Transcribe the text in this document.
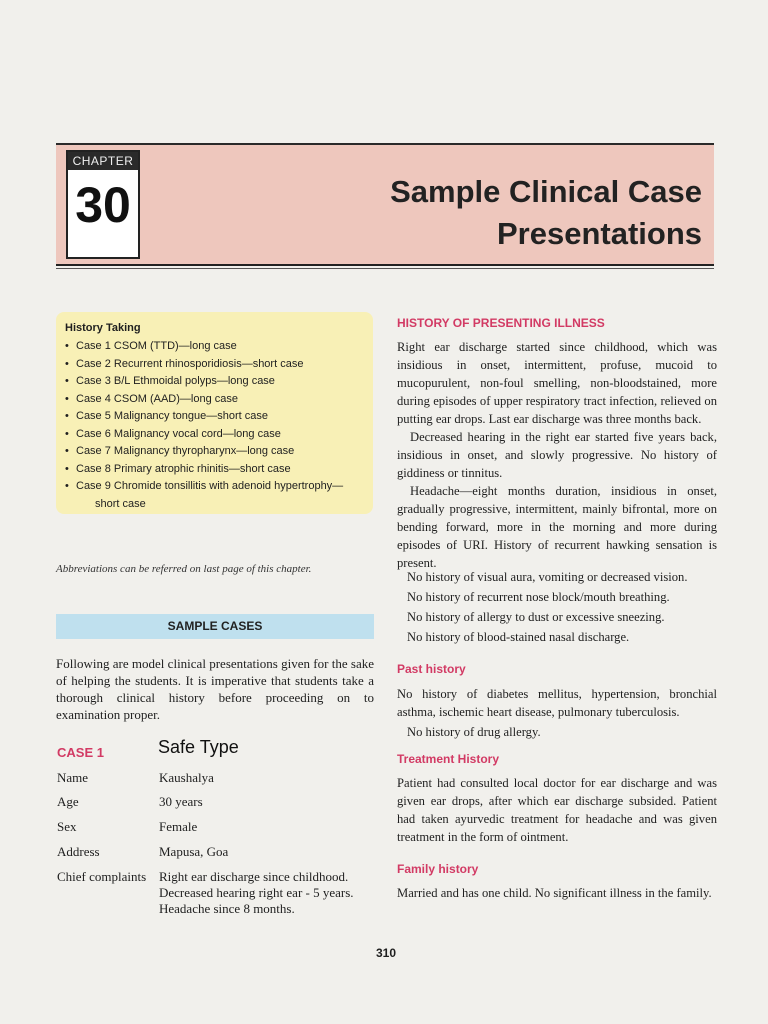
CHAPTER
30	Sample Clinical Case
Presentations
History Taking
• Case 1 CSOM (TTD)—long case
• Case 2 Recurrent rhinosporidiosis—short case
• Case 3 B/L Ethmoidal polyps—long case
• Case 4 CSOM (AAD)—long case
• Case 5 Malignancy tongue—short case
• Case 6 Malignancy vocal cord—long case
• Case 7 Malignancy thyropharynx—long case
• Case 8 Primary atrophic rhinitis—short case
• Case 9 Chromide tonsillitis with adenoid hypertrophy—
short case
Abbreviations can be referred on last page of this chapter.
SAMPLE CASES
Following are model clinical presentations given for the sake of helping the students. It is imperative that students take a thorough clinical history before proceeding on to examination proper.
CASE 1	Safe Type
Name	Kaushalya
Age	30 years
Sex	Female
Address	Mapusa, Goa
Chief complaints Right ear discharge since childhood.
Decreased hearing right ear - 5 years.
Headache since 8 months.
HISTORY OF PRESENTING ILLNESS
Right ear discharge started since childhood, which was insidious in onset, intermittent, profuse, mucoid to mucopurulent, non-foul smelling, non-bloodstained, more during episodes of upper respiratory tract infection, relieved on putting ear drops. Last ear discharge was three months back.
Decreased hearing in the right ear started five years back, insidious in onset, and slowly progressive. No history of giddiness or tinnitus.
Headache—eight months duration, insidious in onset, gradually progressive, intermittent, mainly bifrontal, more on bending forward, more in the morning and more during episodes of URI. History of recurrent hawking sensation is present.
No history of visual aura, vomiting or decreased vision.
No history of recurrent nose block/mouth breathing.
No history of allergy to dust or excessive sneezing.
No history of blood-stained nasal discharge.
Past history
No history of diabetes mellitus, hypertension, bronchial asthma, ischemic heart disease, pulmonary tuberculosis.
No history of drug allergy.
Treatment History
Patient had consulted local doctor for ear discharge and was given ear drops, after which ear discharge subsided. Patient had taken ayurvedic treatment for headache and was given treatment in the form of ointment.
Family history
Married and has one child. No significant illness in the family.
310
